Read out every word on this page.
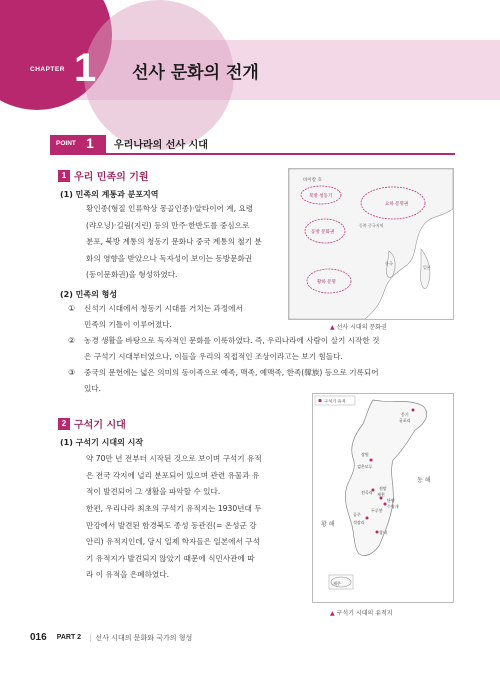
CHAPTER 1 선사 문화의 전개
POINT 1 우리나라의 선사 시대
1 우리 민족의 기원
(1) 민족의 계통과 분포지역
황인종(형질 인류학상 몽골인종)·알타이어 계, 요령
(랴오닝)·길림(지린) 등의 만주·한반도를 중심으로
분포, 북방 계통의 청동기 문화나 중국 계통의 철기 분
화의 영향을 받았으나 독자성이 보이는 동방문화권
(동이문화권)을 형성하였다.
(2) 민족의 형성
① 신석기 시대에서 청동기 시대를 거치는 과정에서
민족의 기틀이 이루어졌다.
② 농경 생활을 바탕으로 독자적인 문화를 이룩하였다. 즉, 우리나라에 사람이 살기 시작한 것
은 구석기 시대부터였으나, 이들을 우리의 직접적인 조상이라고는 보기 힘들다.
③ 중국의 문헌에는 넓은 의미의 동이족으로 예족, 맥족, 예맥족, 한족(韓族) 등으로 기록되어
있다.
바이칼 호
북방 청동기
요하 문명권
동방 문화권
동북 중국지역
한국
일본
황하 문명
▲ 선사 시대의 문화권
2 구석기 시대
(1) 구석기 시대의 시작
약 70만 년 전부터 시작된 것으로 보이며 구석기 유적
은 전국 각지에 널리 분포되어 있으며 관련 유물과 유
적이 발견되어 그 생활을 파악할 수 있다.
한편, 우리나라 최초의 구석기 유적지는 1930년대 두
만강에서 발견된 함경북도 종성 동관진(= 온성군 강
안리) 유적지인데, 당시 일제 학자들은 일본에서 구석
기 유적지가 발견되지 않았기 때문에 식민사관에 따
라 이 유적을 은폐하였다.
구석기 유적
웅기
굴포리
상원
검은모루
전곡리
공주
석장리
단양
수양개
제천
창내
점말
두루봉
제주
동 해
황 해
▲ 구석기 시대의 유적지
016 PART 2 | 선사 시대의 문화와 국가의 형성
